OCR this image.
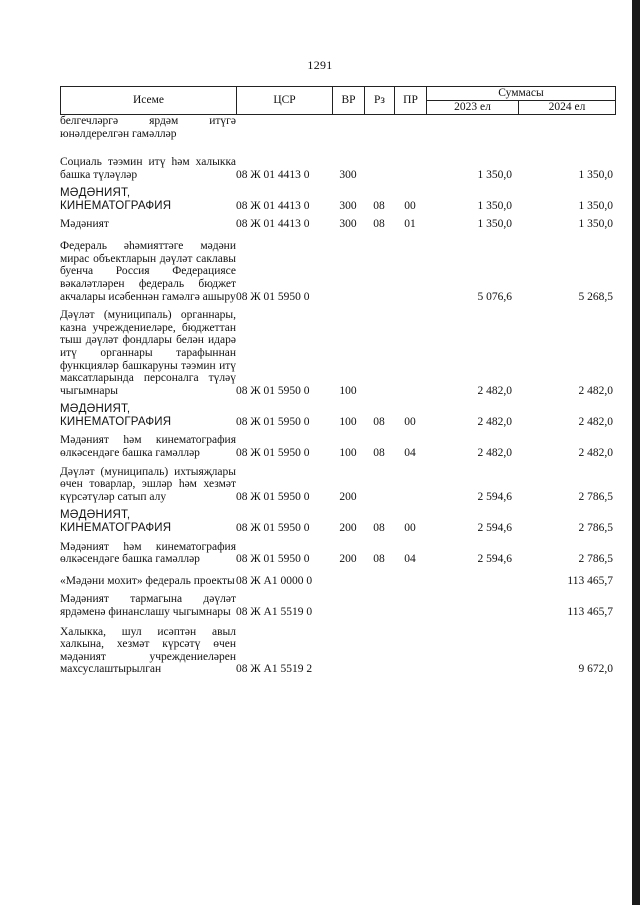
1291
Исеме	ЦСР	ВР	Рз	ПР	Суммасы	
					2023 ел	2024 ел
белгечләргә ярдәм итүгә юнәлдерелгән гамәлләр						

Социаль тәэмин итү һәм халыкка башка түләүләр	08 Ж 01 4413 0	300			1 350,0	1 350,0

МӘДӘНИЯТ, КИНЕМАТОГРАФИЯ	08 Ж 01 4413 0	300	08	00	1 350,0	1 350,0

Мәдәният	08 Ж 01 4413 0	300	08	01	1 350,0	1 350,0

Федераль әһәмияттәге мәдәни мирас объектларын дәүләт саклавы буенча Россия Федерациясе вәкаләтләрен федераль бюджет акчалары исәбеннән гамәлгә ашыру	08 Ж 01 5950 0				5 076,6	5 268,5

Дәүләт (муниципаль) органнары, казна учреждениеләре, бюджеттан тыш дәүләт фондлары белән идарә итү органнары тарафыннан функцияләр башкаруны тәэмин итү максатларында персоналга түләү чыгымнары	08 Ж 01 5950 0	100			2 482,0	2 482,0

МӘДӘНИЯТ, КИНЕМАТОГРАФИЯ	08 Ж 01 5950 0	100	08	00	2 482,0	2 482,0

Мәдәният һәм кинематография өлкәсендәге башка гамәлләр	08 Ж 01 5950 0	100	08	04	2 482,0	2 482,0

Дәүләт (муниципаль) ихтыяҗлары өчен товарлар, эшләр һәм хезмәт күрсәтүләр сатып алу	08 Ж 01 5950 0	200			2 594,6	2 786,5

МӘДӘНИЯТ, КИНЕМАТОГРАФИЯ	08 Ж 01 5950 0	200	08	00	2 594,6	2 786,5

Мәдәният һәм кинематография өлкәсендәге башка гамәлләр	08 Ж 01 5950 0	200	08	04	2 594,6	2 786,5

«Мәдәни мохит» федераль проекты	08 Ж А1 0000 0					113 465,7

Мәдәният тармагына дәүләт ярдәменә финанслашу чыгымнары	08 Ж А1 5519 0					113 465,7

Халыкка, шул исәптән авыл халкына, хезмәт күрсәтү өчен мәдәният учреждениеләрен махсуслаштырылган	08 Ж А1 5519 2					9 672,0
